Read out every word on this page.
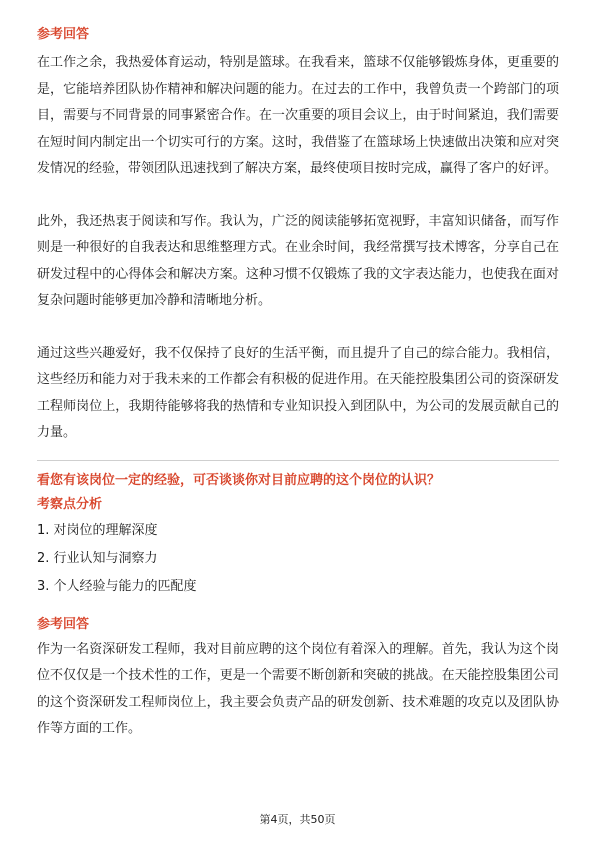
参考回答

在工作之余，我热爱体育运动，特别是篮球。在我看来，篮球不仅能够锻炼身体，更重要的是，它能培养团队协作精神和解决问题的能力。在过去的工作中，我曾负责一个跨部门的项目，需要与不同背景的同事紧密合作。在一次重要的项目会议上，由于时间紧迫，我们需要在短时间内制定出一个切实可行的方案。这时，我借鉴了在篮球场上快速做出决策和应对突发情况的经验，带领团队迅速找到了解决方案，最终使项目按时完成，赢得了客户的好评。

此外，我还热衷于阅读和写作。我认为，广泛的阅读能够拓宽视野，丰富知识储备，而写作则是一种很好的自我表达和思维整理方式。在业余时间，我经常撰写技术博客，分享自己在研发过程中的心得体会和解决方案。这种习惯不仅锻炼了我的文字表达能力，也使我在面对复杂问题时能够更加冷静和清晰地分析。

通过这些兴趣爱好，我不仅保持了良好的生活平衡，而且提升了自己的综合能力。我相信，这些经历和能力对于我未来的工作都会有积极的促进作用。在天能控股集团公司的资深研发工程师岗位上，我期待能够将我的热情和专业知识投入到团队中，为公司的发展贡献自己的力量。

看您有该岗位一定的经验，可否谈谈你对目前应聘的这个岗位的认识？
考察点分析
1. 对岗位的理解深度
2. 行业认知与洞察力
3. 个人经验与能力的匹配度
参考回答

作为一名资深研发工程师，我对目前应聘的这个岗位有着深入的理解。首先，我认为这个岗位不仅仅是一个技术性的工作，更是一个需要不断创新和突破的挑战。在天能控股集团公司的这个资深研发工程师岗位上，我主要会负责产品的研发创新、技术难题的攻克以及团队协作等方面的工作。

第4页，共50页
